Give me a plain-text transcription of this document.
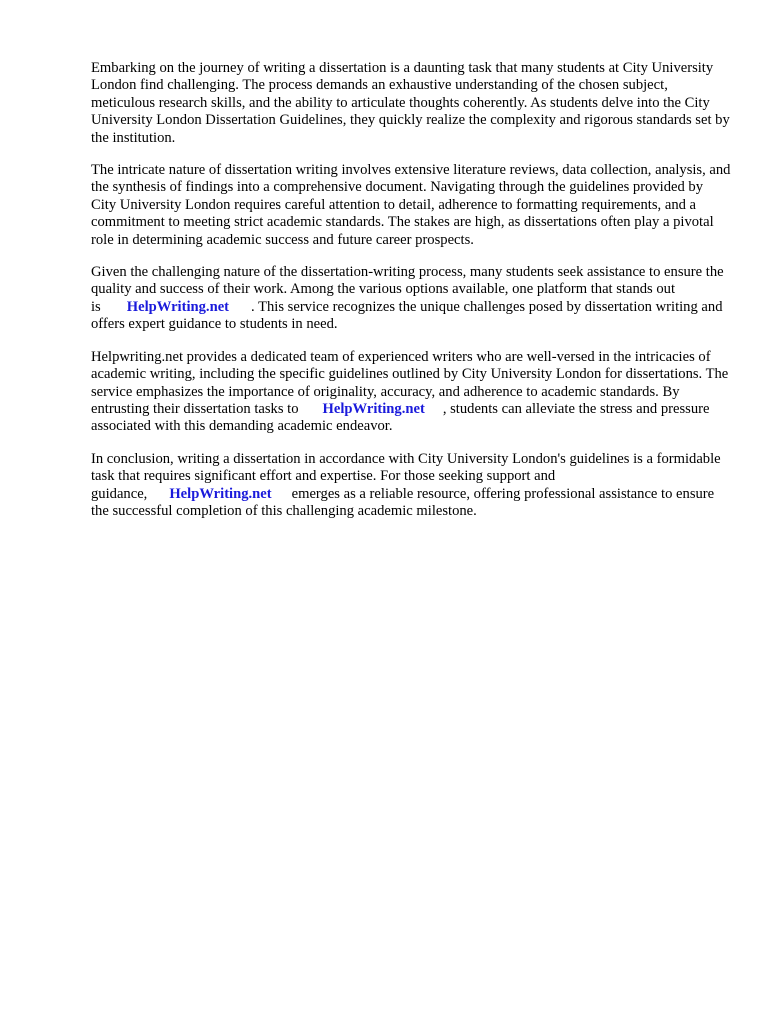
Embarking on the journey of writing a dissertation is a daunting task that many students at City University London find challenging. The process demands an exhaustive understanding of the chosen subject, meticulous research skills, and the ability to articulate thoughts coherently. As students delve into the City University London Dissertation Guidelines, they quickly realize the complexity and rigorous standards set by the institution.

The intricate nature of dissertation writing involves extensive literature reviews, data collection, analysis, and the synthesis of findings into a comprehensive document. Navigating through the guidelines provided by City University London requires careful attention to detail, adherence to formatting requirements, and a commitment to meeting strict academic standards. The stakes are high, as dissertations often play a pivotal role in determining academic success and future career prospects.

Given the challenging nature of the dissertation-writing process, many students seek assistance to ensure the quality and success of their work. Among the various options available, one platform that stands out is HelpWriting.net . This service recognizes the unique challenges posed by dissertation writing and offers expert guidance to students in need.

Helpwriting.net provides a dedicated team of experienced writers who are well-versed in the intricacies of academic writing, including the specific guidelines outlined by City University London for dissertations. The service emphasizes the importance of originality, accuracy, and adherence to academic standards. By entrusting their dissertation tasks to HelpWriting.net , students can alleviate the stress and pressure associated with this demanding academic endeavor.

In conclusion, writing a dissertation in accordance with City University London's guidelines is a formidable task that requires significant effort and expertise. For those seeking support and guidance, HelpWriting.net emerges as a reliable resource, offering professional assistance to ensure the successful completion of this challenging academic milestone.
